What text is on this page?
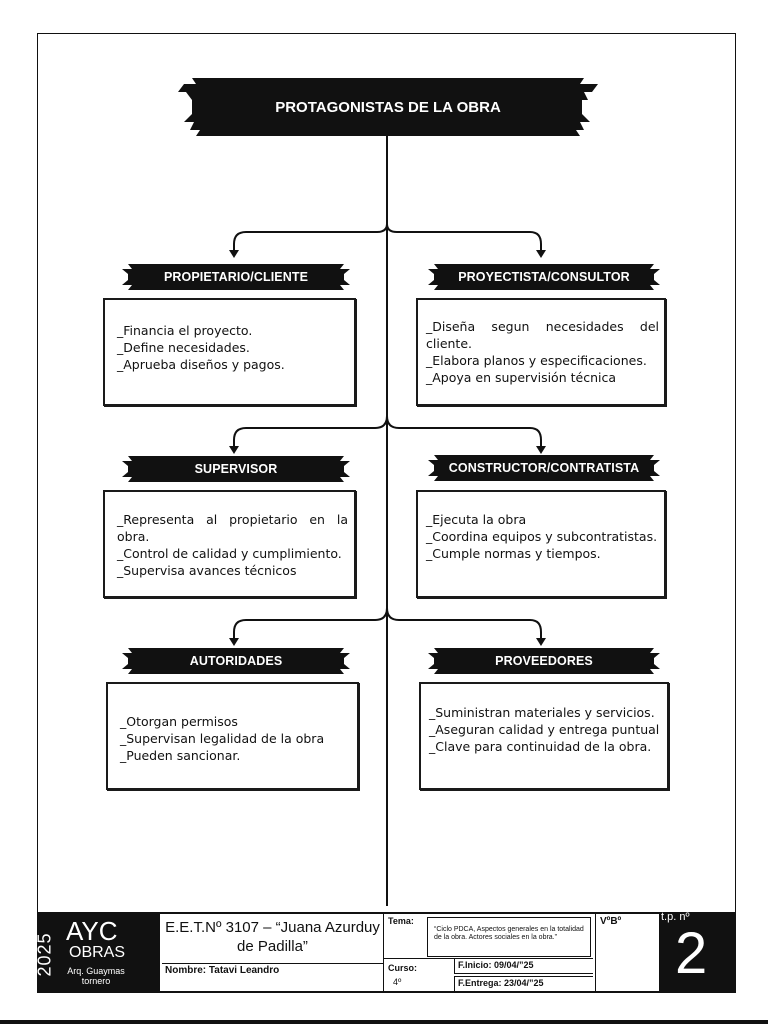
PROTAGONISTAS DE LA OBRA
PROPIETARIO/CLIENTE	PROYECTISTA/CONSULTOR
SUPERVISOR	CONSTRUCTOR/CONTRATISTA
AUTORIDADES	PROVEEDORES
_Financia el proyecto.
_Define necesidades.
_Aprueba diseños y pagos.
_Diseña segun necesidades del cliente.
_Elabora planos y especificaciones.
_Apoya en supervisión técnica
_Representa al propietario en la obra.
_Control de calidad y cumplimiento.
_Supervisa avances técnicos
_Ejecuta la obra
_Coordina equipos y subcontratistas.
_Cumple normas y tiempos.
_Otorgan permisos
_Supervisan legalidad de la obra
_Pueden sancionar.
_Suministran materiales y servicios.
_Aseguran calidad y entrega puntual
_Clave para continuidad de la obra.
2025
AYC
OBRAS
Arq. Guaymas tornero
E.E.T.Nº 3107 – “Juana Azurduy de Padilla”
Nombre: Tatavi Leandro
Tema:
“Ciclo PDCA, Aspectos generales en la totalidad de la obra. Actores sociales en la obra.”
Curso:
4º
F.Inicio: 09/04/”25
F.Entrega: 23/04/”25
VºBº	t.p. nº
2
